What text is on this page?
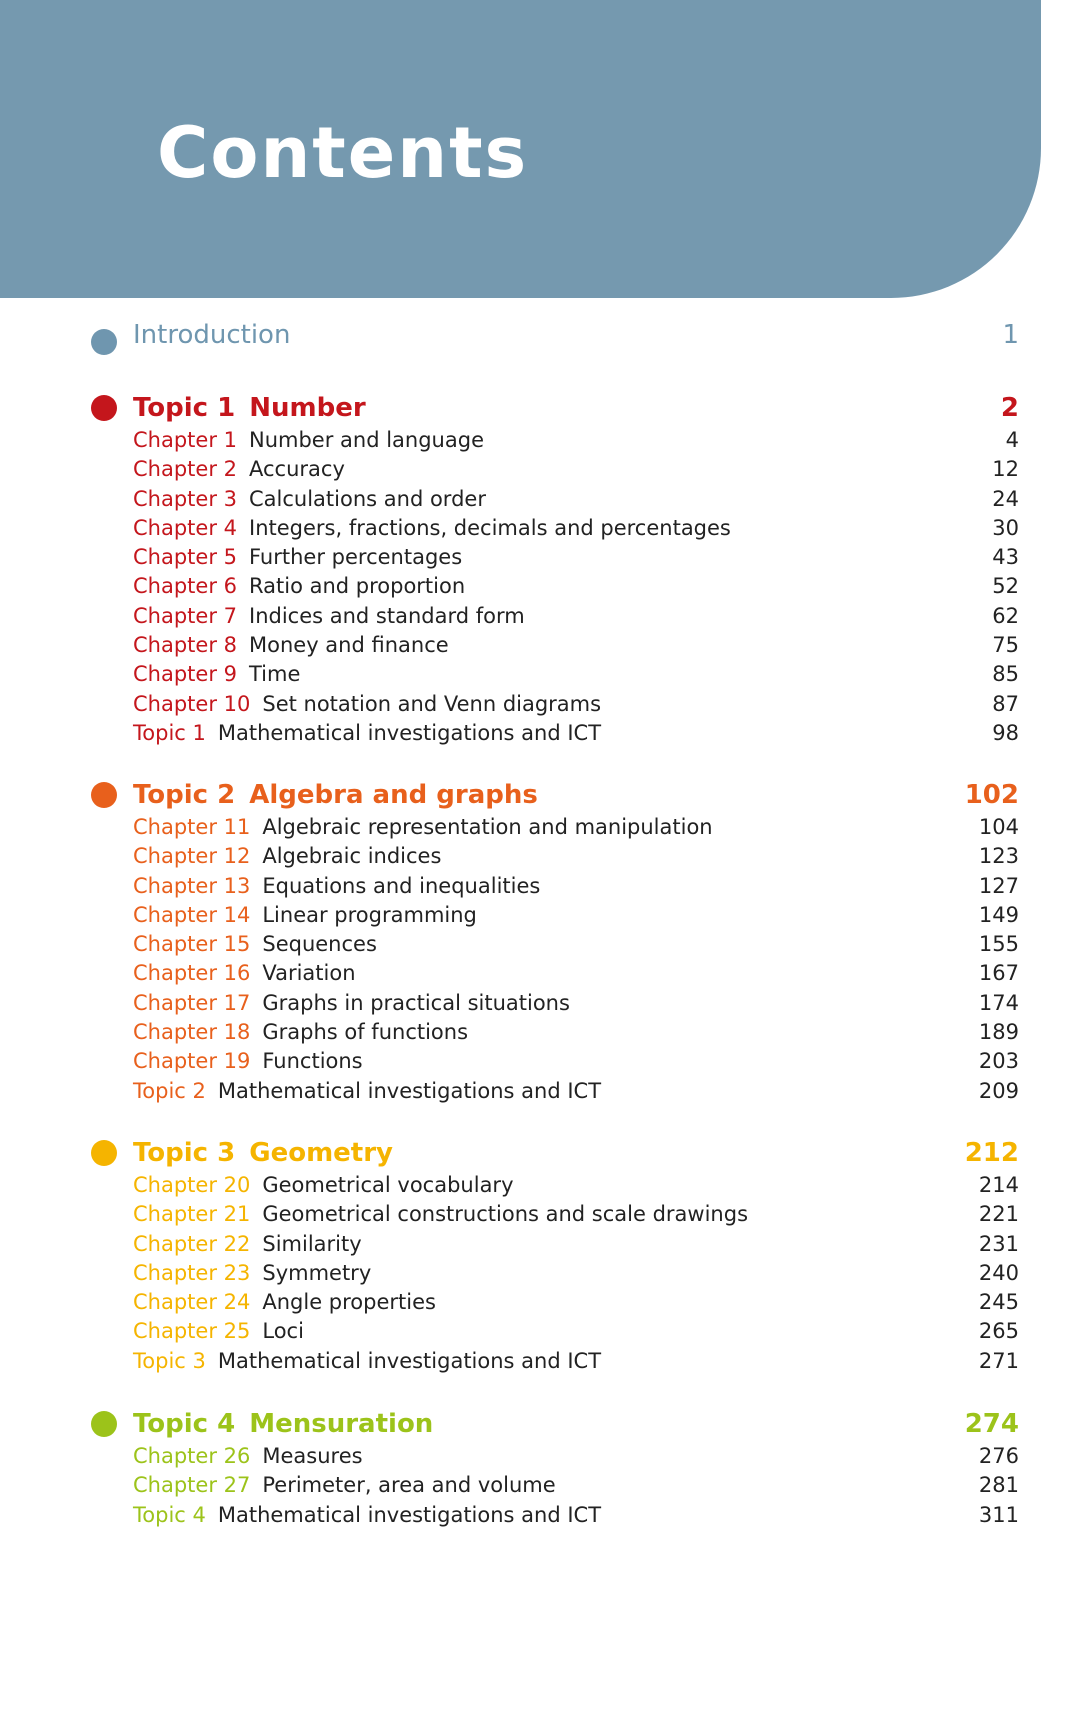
Contents
Introduction	1
Topic 1 Number	2
Chapter 1 Number and language	4
Chapter 2 Accuracy	12
Chapter 3 Calculations and order	24
Chapter 4 Integers, fractions, decimals and percentages	30
Chapter 5 Further percentages	43
Chapter 6 Ratio and proportion	52
Chapter 7 Indices and standard form	62
Chapter 8 Money and finance	75
Chapter 9 Time	85
Chapter 10 Set notation and Venn diagrams	87
Topic 1 Mathematical investigations and ICT	98
Topic 2 Algebra and graphs	102
Chapter 11 Algebraic representation and manipulation	104
Chapter 12 Algebraic indices	123
Chapter 13 Equations and inequalities	127
Chapter 14 Linear programming	149
Chapter 15 Sequences	155
Chapter 16 Variation	167
Chapter 17 Graphs in practical situations	174
Chapter 18 Graphs of functions	189
Chapter 19 Functions	203
Topic 2 Mathematical investigations and ICT	209
Topic 3 Geometry	212
Chapter 20 Geometrical vocabulary	214
Chapter 21 Geometrical constructions and scale drawings	221
Chapter 22 Similarity	231
Chapter 23 Symmetry	240
Chapter 24 Angle properties	245
Chapter 25 Loci	265
Topic 3 Mathematical investigations and ICT	271
Topic 4 Mensuration	274
Chapter 26 Measures	276
Chapter 27 Perimeter, area and volume	281
Topic 4 Mathematical investigations and ICT	311
